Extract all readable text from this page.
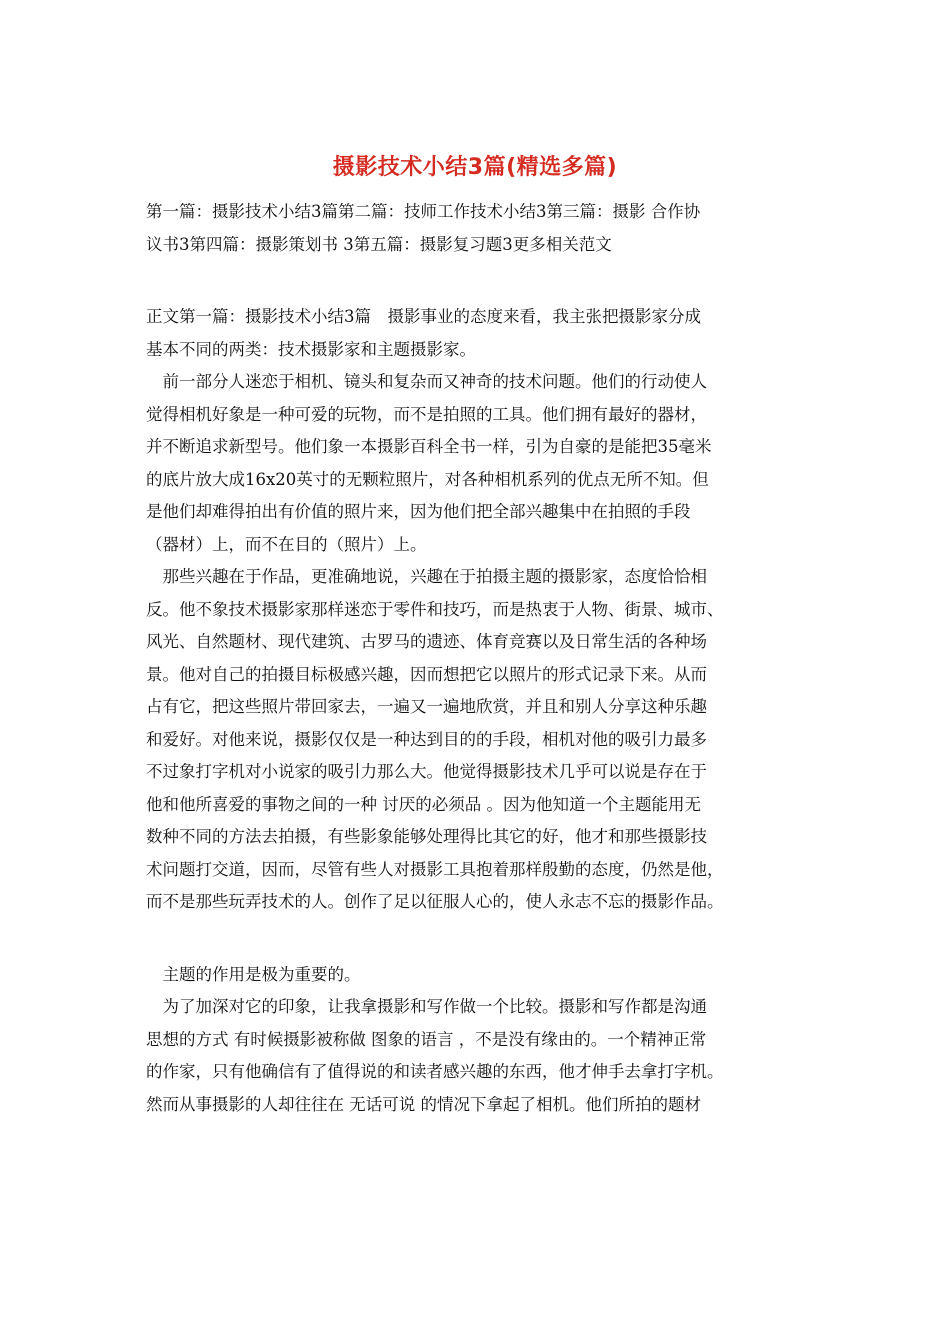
摄影技术小结3篇(精选多篇)
第一篇：摄影技术小结3篇第二篇：技师工作技术小结3第三篇：摄影 合作协
议书3第四篇：摄影策划书 3第五篇：摄影复习题3更多相关范文
正文第一篇：摄影技术小结3篇　摄影事业的态度来看，我主张把摄影家分成
基本不同的两类：技术摄影家和主题摄影家。
　前一部分人迷恋于相机、镜头和复杂而又神奇的技术问题。他们的行动使人
觉得相机好象是一种可爱的玩物，而不是拍照的工具。他们拥有最好的器材，
并不断追求新型号。他们象一本摄影百科全书一样，引为自豪的是能把35毫米
的底片放大成16x20英寸的无颗粒照片，对各种相机系列的优点无所不知。但
是他们却难得拍出有价值的照片来，因为他们把全部兴趣集中在拍照的手段
（器材）上，而不在目的（照片）上。
　那些兴趣在于作品，更准确地说，兴趣在于拍摄主题的摄影家，态度恰恰相
反。他不象技术摄影家那样迷恋于零件和技巧，而是热衷于人物、街景、城市、
风光、自然题材、现代建筑、古罗马的遗迹、体育竞赛以及日常生活的各种场
景。他对自己的拍摄目标极感兴趣，因而想把它以照片的形式记录下来。从而
占有它，把这些照片带回家去，一遍又一遍地欣赏，并且和别人分享这种乐趣
和爱好。对他来说，摄影仅仅是一种达到目的的手段，相机对他的吸引力最多
不过象打字机对小说家的吸引力那么大。他觉得摄影技术几乎可以说是存在于
他和他所喜爱的事物之间的一种 讨厌的必须品 。因为他知道一个主题能用无
数种不同的方法去拍摄，有些影象能够处理得比其它的好，他才和那些摄影技
术问题打交道，因而，尽管有些人对摄影工具抱着那样殷勤的态度，仍然是他，
而不是那些玩弄技术的人。创作了足以征服人心的，使人永志不忘的摄影作品。
　主题的作用是极为重要的。
　为了加深对它的印象，让我拿摄影和写作做一个比较。摄影和写作都是沟通
思想的方式 有时候摄影被称做 图象的语言 ，不是没有缘由的。一个精神正常
的作家，只有他确信有了值得说的和读者感兴趣的东西，他才伸手去拿打字机。
然而从事摄影的人却往往在 无话可说 的情况下拿起了相机。他们所拍的题材
